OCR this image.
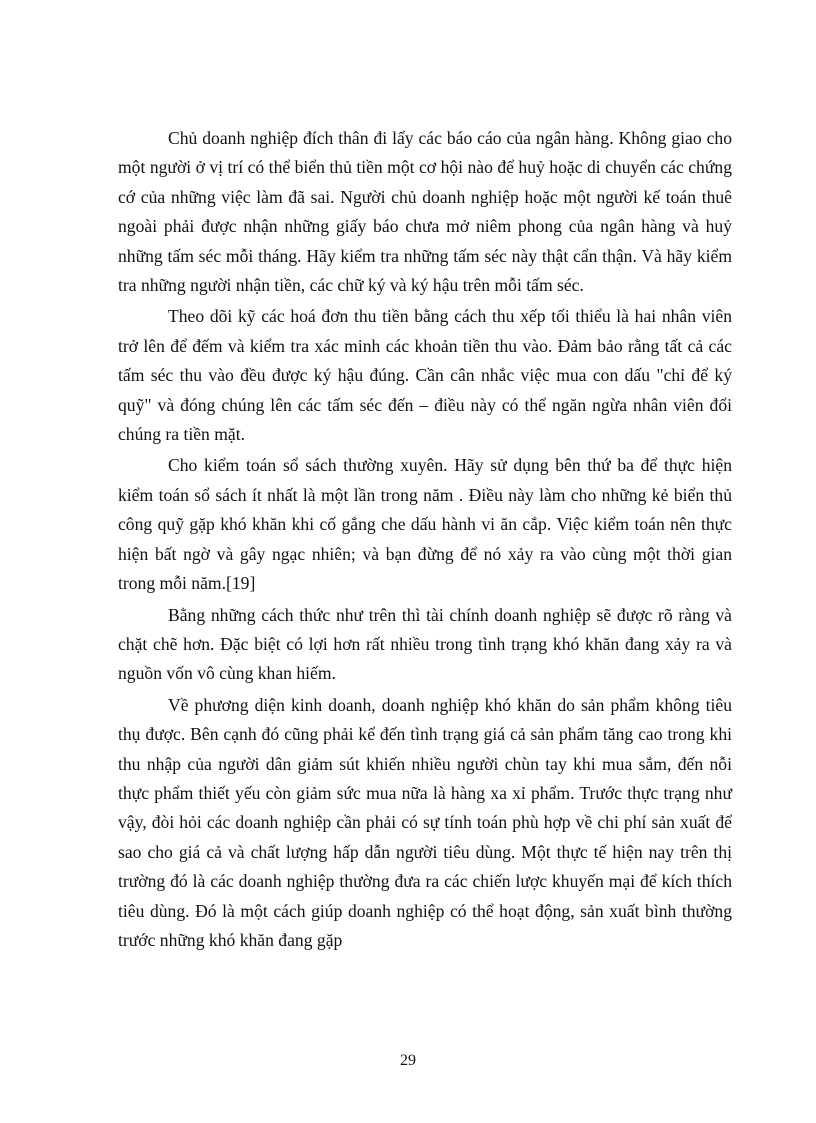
Chủ doanh nghiệp đích thân đi lấy các báo cáo của ngân hàng. Không giao cho một người ở vị trí có thể biển thủ tiền một cơ hội nào để huỷ hoặc di chuyển các chứng cớ của những việc làm đã sai. Người chủ doanh nghiệp hoặc một người kế toán thuê ngoài phải được nhận những giấy báo chưa mở niêm phong của ngân hàng và huỷ những tấm séc mỗi tháng. Hãy kiểm tra những tấm séc này thật cẩn thận. Và hãy kiểm tra những người nhận tiền, các chữ ký và ký hậu trên mỗi tấm séc.

Theo dõi kỹ các hoá đơn thu tiền bằng cách thu xếp tối thiểu là hai nhân viên trở lên để đếm và kiểm tra xác minh các khoản tiền thu vào. Đảm bảo rằng tất cả các tấm séc thu vào đều được ký hậu đúng. Cần cân nhắc việc mua con dấu "chỉ để ký quỹ" và đóng chúng lên các tấm séc đến – điều này có thể ngăn ngừa nhân viên đổi chúng ra tiền mặt.

Cho kiểm toán sổ sách thường xuyên. Hãy sử dụng bên thứ ba để thực hiện kiểm toán sổ sách ít nhất là một lần trong năm . Điều này làm cho những kẻ biển thủ công quỹ gặp khó khăn khi cố gắng che dấu hành vi ăn cắp. Việc kiểm toán nên thực hiện bất ngờ và gây ngạc nhiên; và bạn đừng để nó xảy ra vào cùng một thời gian trong mỗi năm.[19]

Bằng những cách thức như trên thì tài chính doanh nghiệp sẽ được rõ ràng và chặt chẽ hơn. Đặc biệt có lợi hơn rất nhiều trong tình trạng khó khăn đang xảy ra và nguồn vốn vô cùng khan hiếm.

Về phương diện kinh doanh, doanh nghiệp khó khăn do sản phẩm không tiêu thụ được. Bên cạnh đó cũng phải kể đến tình trạng giá cả sản phẩm tăng cao trong khi thu nhập của người dân giảm sút khiến nhiều người chùn tay khi mua sắm, đến nỗi thực phẩm thiết yếu còn giảm sức mua nữa là hàng xa xỉ phẩm. Trước thực trạng như vậy, đòi hỏi các doanh nghiệp cần phải có sự tính toán phù hợp về chi phí sản xuất để sao cho giá cả và chất lượng hấp dẫn người tiêu dùng. Một thực tế hiện nay trên thị trường đó là các doanh nghiệp thường đưa ra các chiến lược khuyến mại để kích thích tiêu dùng. Đó là một cách giúp doanh nghiệp có thể hoạt động, sản xuất bình thường trước những khó khăn đang gặp

29
